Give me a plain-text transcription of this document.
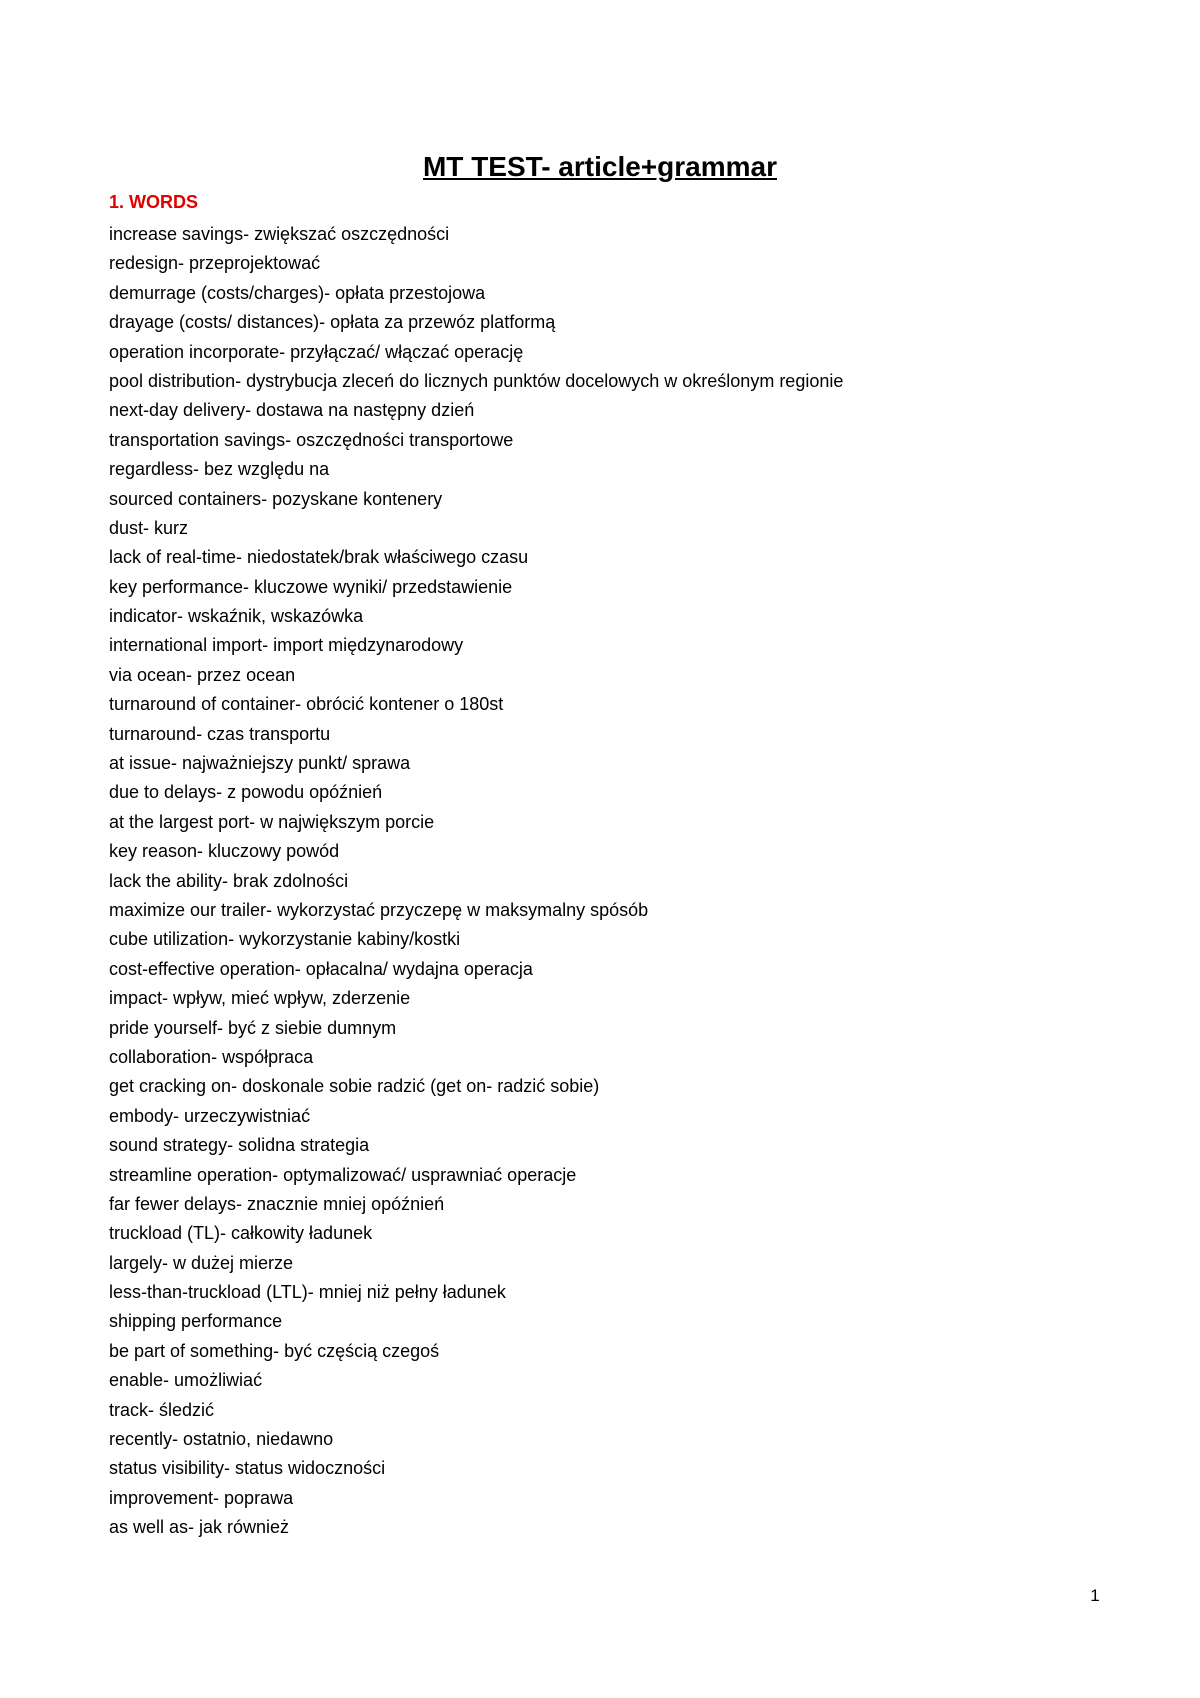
MT TEST- article+grammar
1. WORDS
increase savings- zwiększać oszczędności
redesign- przeprojektować
demurrage (costs/charges)- opłata przestojowa
drayage (costs/ distances)- opłata za przewóz platformą
operation incorporate- przyłączać/ włączać operację
pool distribution- dystrybucja zleceń do licznych punktów docelowych w określonym regionie
next-day delivery- dostawa na następny dzień
transportation savings- oszczędności transportowe
regardless- bez względu na
sourced containers- pozyskane kontenery
dust- kurz
lack of real-time- niedostatek/brak właściwego czasu
key performance- kluczowe wyniki/ przedstawienie
indicator- wskaźnik, wskazówka
international import- import międzynarodowy
via ocean- przez ocean
turnaround of container- obrócić kontener o 180st
turnaround- czas transportu
at issue- najważniejszy punkt/ sprawa
due to delays- z powodu opóźnień
at the largest port- w największym porcie
key reason- kluczowy powód
lack the ability- brak zdolności
maximize our trailer- wykorzystać przyczepę w maksymalny spósób
cube utilization- wykorzystanie kabiny/kostki
cost-effective operation- opłacalna/ wydajna operacja
impact- wpływ, mieć wpływ, zderzenie
pride yourself- być z siebie dumnym
collaboration- współpraca
get cracking on- doskonale sobie radzić (get on- radzić sobie)
embody- urzeczywistniać
sound strategy- solidna strategia
streamline operation- optymalizować/ usprawniać operacje
far fewer delays- znacznie mniej opóźnień
truckload (TL)- całkowity ładunek
largely- w dużej mierze
less-than-truckload (LTL)- mniej niż pełny ładunek
shipping performance
be part of something- być częścią czegoś
enable- umożliwiać
track- śledzić
recently- ostatnio, niedawno
status visibility- status widoczności
improvement- poprawa
as well as- jak również
1
